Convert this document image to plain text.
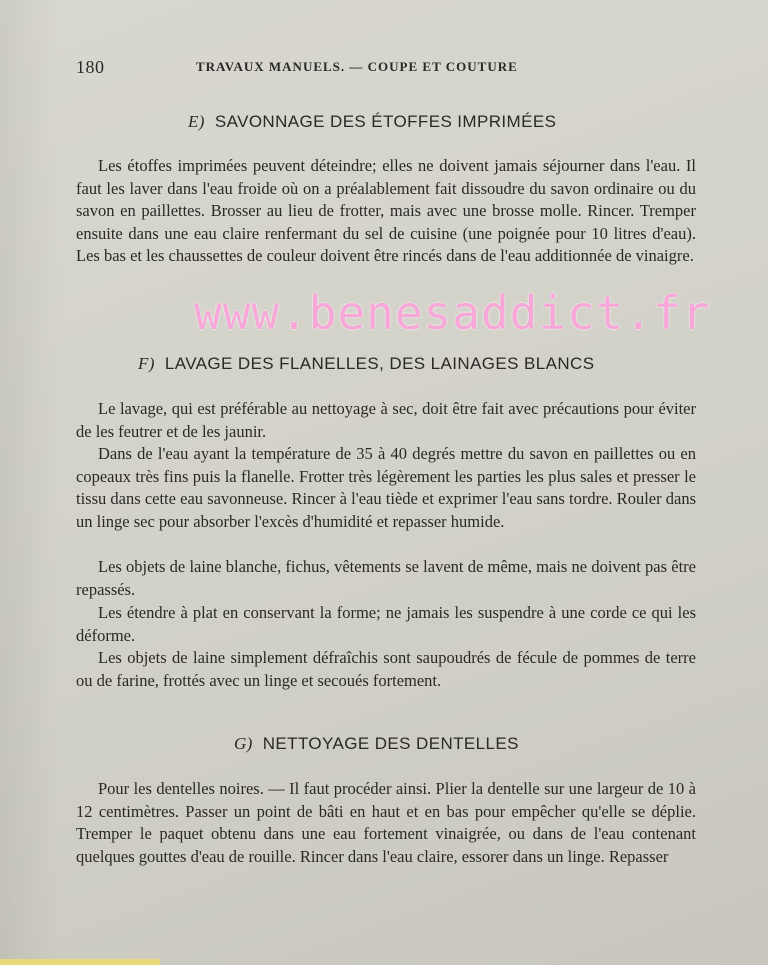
180	TRAVAUX MANUELS. — COUPE ET COUTURE
E) SAVONNAGE DES ÉTOFFES IMPRIMÉES

Les étoffes imprimées peuvent déteindre; elles ne doivent jamais séjourner dans l'eau. Il faut les laver dans l'eau froide où on a préalablement fait dissoudre du savon ordinaire ou du savon en paillettes. Brosser au lieu de frotter, mais avec une brosse molle. Rincer. Tremper ensuite dans une eau claire renfermant du sel de cuisine (une poignée pour 10 litres d'eau). Les bas et les chaussettes de couleur doivent être rincés dans de l'eau additionnée de vinaigre.

F) LAVAGE DES FLANELLES, DES LAINAGES BLANCS

Le lavage, qui est préférable au nettoyage à sec, doit être fait avec précautions pour éviter de les feutrer et de les jaunir.

Dans de l'eau ayant la température de 35 à 40 degrés mettre du savon en paillettes ou en copeaux très fins puis la flanelle. Frotter très légèrement les parties les plus sales et presser le tissu dans cette eau savonneuse. Rincer à l'eau tiède et exprimer l'eau sans tordre. Rouler dans un linge sec pour absorber l'excès d'humidité et repasser humide.

Les objets de laine blanche, fichus, vêtements se lavent de même, mais ne doivent pas être repassés.

Les étendre à plat en conservant la forme; ne jamais les suspendre à une corde ce qui les déforme.

Les objets de laine simplement défraîchis sont saupoudrés de fécule de pommes de terre ou de farine, frottés avec un linge et secoués fortement.

G) NETTOYAGE DES DENTELLES

Pour les dentelles noires. — Il faut procéder ainsi. Plier la dentelle sur une largeur de 10 à 12 centimètres. Passer un point de bâti en haut et en bas pour empêcher qu'elle se déplie. Tremper le paquet obtenu dans une eau fortement vinaigrée, ou dans de l'eau contenant quelques gouttes d'eau de rouille. Rincer dans l'eau claire, essorer dans un linge. Repasser

www.benesaddict.fr
